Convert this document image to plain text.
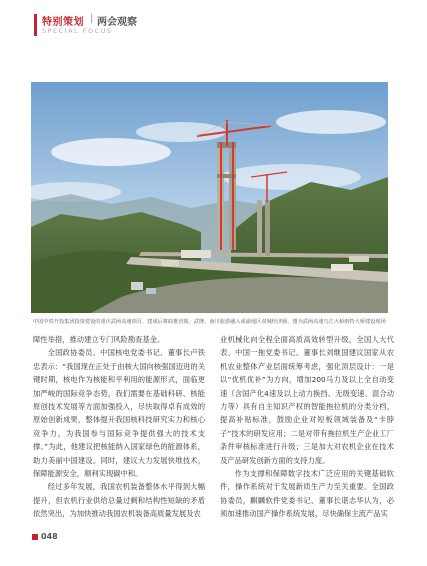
特别策划 | 两会观察
SPECIAL FOCUS
中国中铁开投集团投资建设的重庆武两高速项目，建成后将助推涪陵、武隆、南川旅游融入成渝地区双城经济圈，图为武两高速乌江大桥雨特大桥建设现场

障性举措，推动建立专门风险勘查基金。

全国政协委员、中国核电党委书记、董事长卢铁忠表示：“我国现在正处于由核大国向核强国迈进的关键时期，核电作为核能和平利用的能源形式，面临更加严峻的国际竞争态势，我们需要在基础科研、核能原创技术发展等方面加强投入，尽快取得卓有成效的原始创新成果，整体提升我国核科技研究实力和核心竞争力，为我国参与国际竞争提供强大的技术支撑。”为此，他建议把核能纳入国家绿色的能源体系，助力美丽中国建设。同时，建议大力发展快堆技术，保障能源安全，顺利实现碳中和。

经过多年发展，我国农机装备整体水平得到大幅提升，但农机行业供给总量过剩和结构性短缺的矛盾依然突出，为加快推动我国农机装备高质量发展及农

业机械化向全程全面高质高效转型升级，全国人大代表、中国一拖党委书记、董事长刘继国建议国家从农机农业整体产业层面统筹考虑，强化顶层设计：一是以“优机优补”为方向，增加200马力及以上全自动变速（含国产化4速及以上动力换挡、无级变速、混合动力等）具有自主知识产权的智能拖拉机的分类分档，提高补贴标准，鼓励企业对短板领域装备及“卡脖子”技术的研发应用；二是对带有拖拉机生产企业工厂条件审核标准进行升级；三是加大对农机企业在技术及产品研发创新方面的支持力度。

作为支撑和保障数字技术广泛应用的关键基础软件，操作系统对于发展新质生产力至关重要。全国政协委员，麒麟软件党委书记、董事长谌志华认为，必须加速推动国产操作系统发展，尽快确保主流产品实

048
